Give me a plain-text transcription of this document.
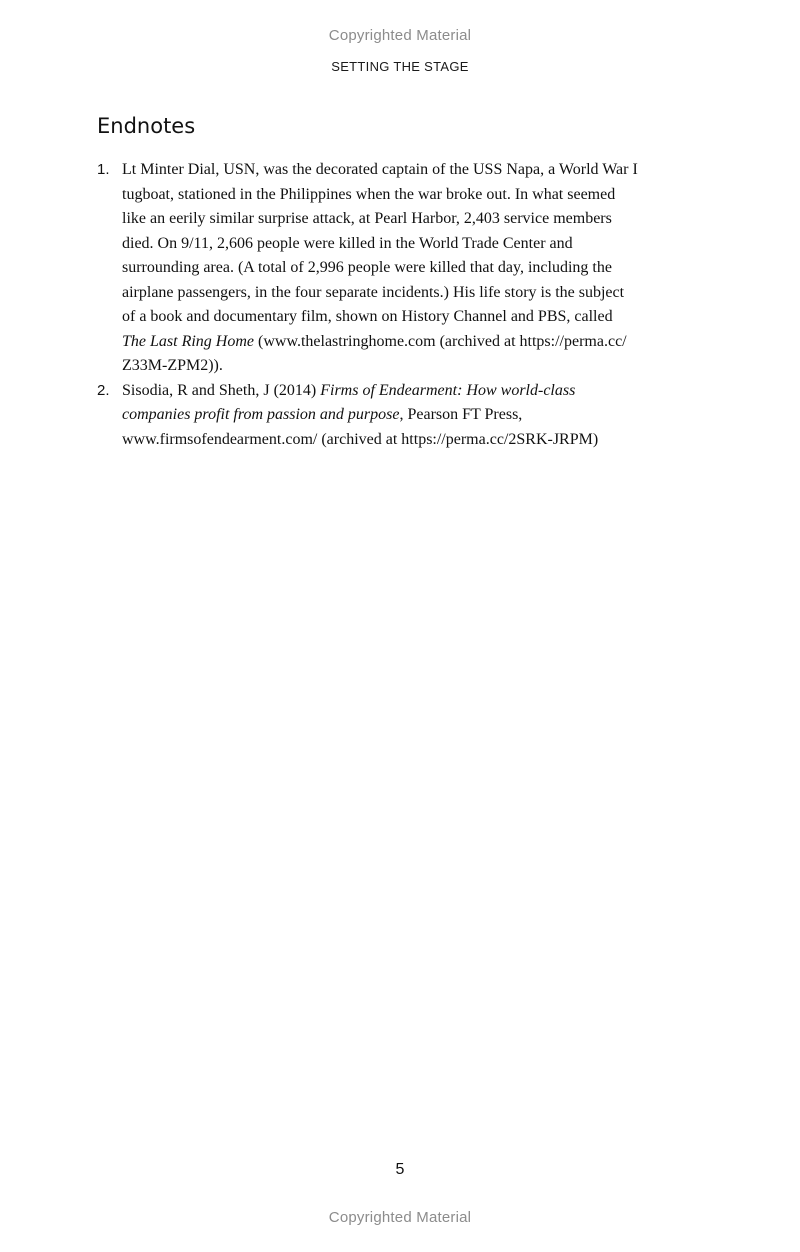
Copyrighted Material
SETTING THE STAGE
Endnotes
1. Lt Minter Dial, USN, was the decorated captain of the USS Napa, a World War I
tugboat, stationed in the Philippines when the war broke out. In what seemed
like an eerily similar surprise attack, at Pearl Harbor, 2,403 service members
died. On 9/11, 2,606 people were killed in the World Trade Center and
surrounding area. (A total of 2,996 people were killed that day, including the
airplane passengers, in the four separate incidents.) His life story is the subject
of a book and documentary film, shown on History Channel and PBS, called
The Last Ring Home (www.thelastringhome.com (archived at https://perma.cc/
Z33M-ZPM2)).
2. Sisodia, R and Sheth, J (2014) Firms of Endearment: How world-class
companies profit from passion and purpose, Pearson FT Press,
www.firmsofendearment.com/ (archived at https://perma.cc/2SRK-JRPM)
5
Copyrighted Material
